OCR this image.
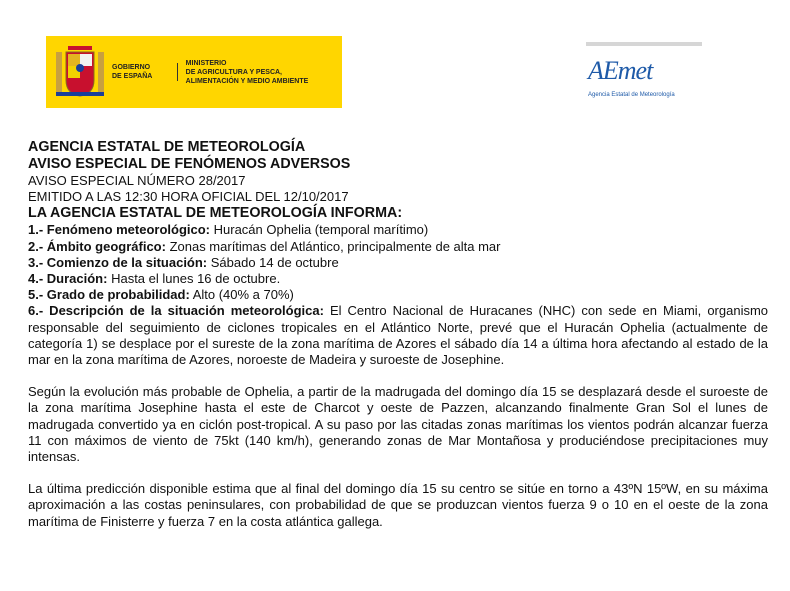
GOBIERNO
DE ESPAÑA
MINISTERIO
DE AGRICULTURA Y PESCA,
ALIMENTACIÓN Y MEDIO AMBIENTE	AEmet
Agencia Estatal de Meteorología

AGENCIA ESTATAL DE METEOROLOGÍA

AVISO ESPECIAL DE FENÓMENOS ADVERSOS

AVISO ESPECIAL NÚMERO 28/2017

EMITIDO A LAS 12:30 HORA OFICIAL DEL 12/10/2017

LA AGENCIA ESTATAL DE METEOROLOGÍA INFORMA:

1.- Fenómeno meteorológico: Huracán Ophelia (temporal marítimo)

2.- Ámbito geográfico: Zonas marítimas del Atlántico, principalmente de alta mar

3.- Comienzo de la situación: Sábado 14 de octubre

4.- Duración: Hasta el lunes 16 de octubre.

5.- Grado de probabilidad: Alto (40% a 70%)

6.- Descripción de la situación meteorológica: El Centro Nacional de Huracanes (NHC) con sede en Miami, organismo responsable del seguimiento de ciclones tropicales en el Atlántico Norte, prevé que el Huracán Ophelia (actualmente de categoría 1) se desplace por el sureste de la zona marítima de Azores el sábado día 14 a última hora afectando al estado de la mar en la zona marítima de Azores, noroeste de Madeira y suroeste de Josephine.

Según la evolución más probable de Ophelia, a partir de la madrugada del domingo día 15 se desplazará desde el suroeste de la zona marítima Josephine hasta el este de Charcot y oeste de Pazzen, alcanzando finalmente Gran Sol el lunes de madrugada convertido ya en ciclón post-tropical. A su paso por las citadas zonas marítimas los vientos podrán alcanzar fuerza 11 con máximos de viento de 75kt (140 km/h), generando zonas de Mar Montañosa y produciéndose precipitaciones muy intensas.

La última predicción disponible estima que al final del domingo día 15 su centro se sitúe en torno a 43ºN 15ºW, en su máxima aproximación a las costas peninsulares, con probabilidad de que se produzcan vientos fuerza 9 o 10 en el oeste de la zona marítima de Finisterre y fuerza 7 en la costa atlántica gallega.
